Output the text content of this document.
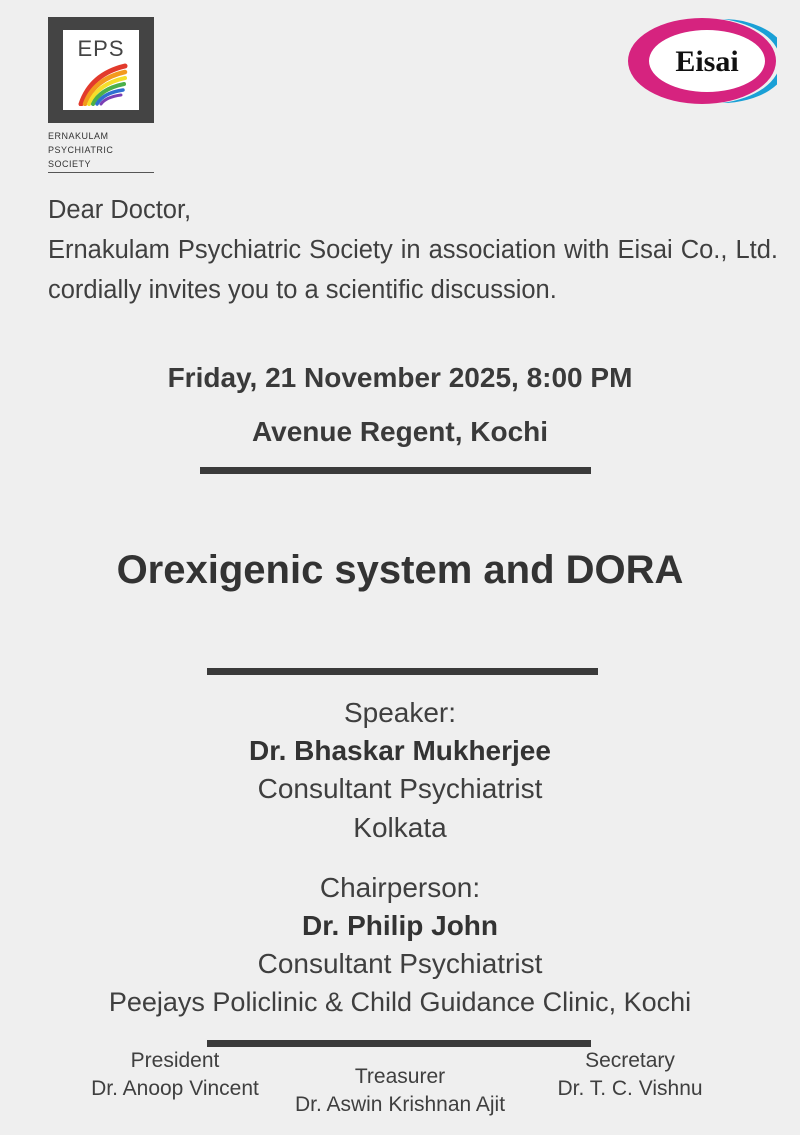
EPS
ernakulam
psychiatric
society
Eisai
Dear Doctor,
Ernakulam Psychiatric Society in association with Eisai Co., Ltd. cordially invites you to a scientific discussion.
Friday, 21 November 2025, 8:00 PM
Avenue Regent, Kochi
Orexigenic system and DORA
Speaker:
Dr. Bhaskar Mukherjee
Consultant Psychiatrist
Kolkata
Chairperson:
Dr. Philip John
Consultant Psychiatrist
Peejays Policlinic & Child Guidance Clinic, Kochi
President
Dr. Anoop Vincent
Treasurer
Dr. Aswin Krishnan Ajit
Secretary
Dr. T. C. Vishnu
